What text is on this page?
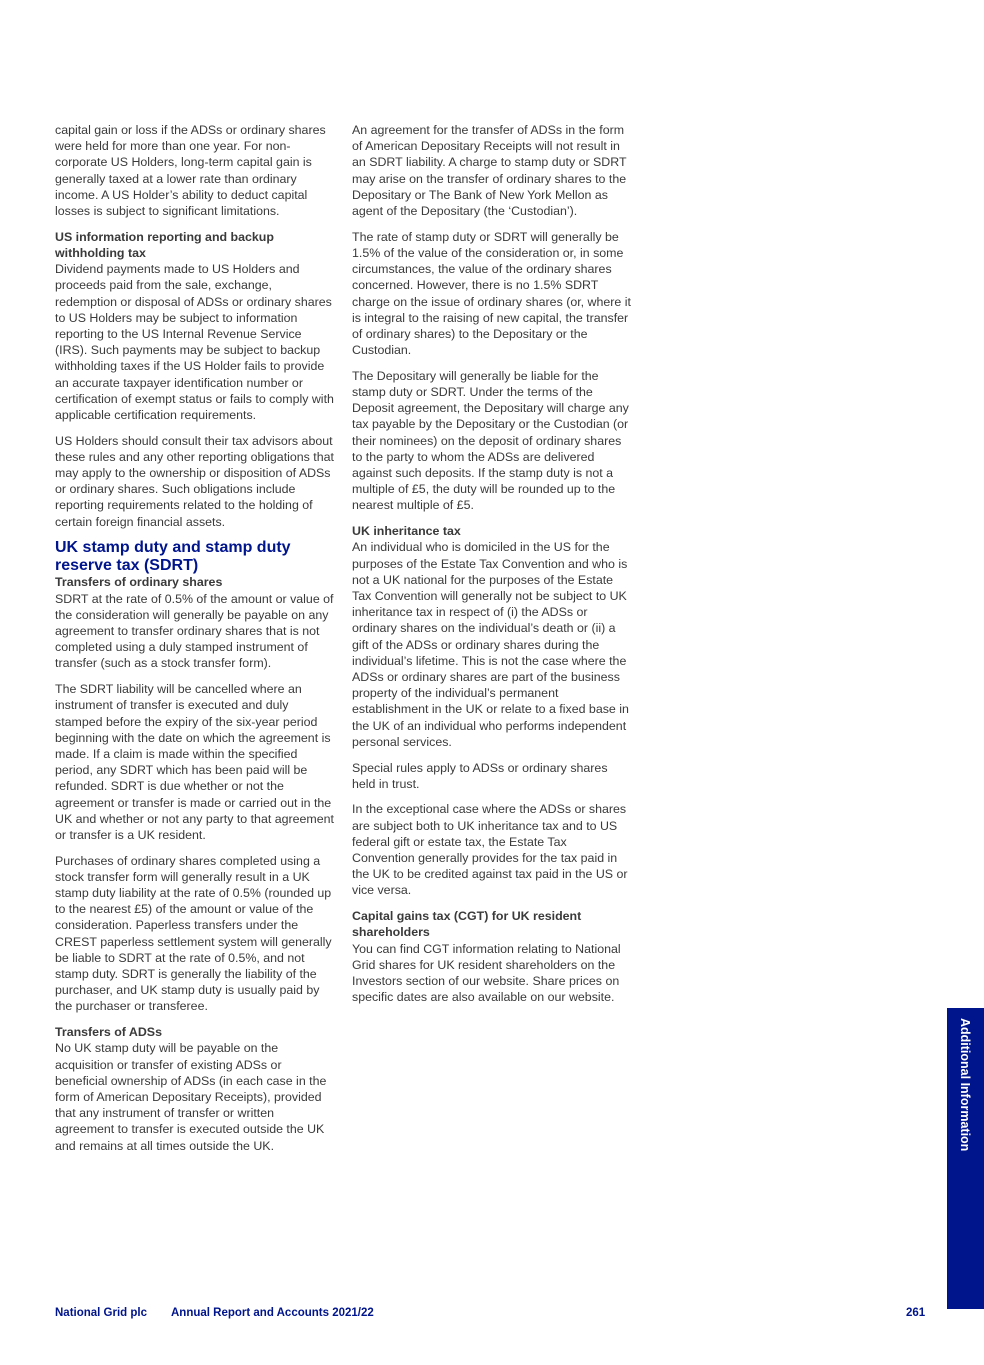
capital gain or loss if the ADSs or ordinary shares were held for more than one year. For non-corporate US Holders, long-term capital gain is generally taxed at a lower rate than ordinary income. A US Holder’s ability to deduct capital losses is subject to significant limitations.

US information reporting and backup withholding tax

Dividend payments made to US Holders and proceeds paid from the sale, exchange, redemption or disposal of ADSs or ordinary shares to US Holders may be subject to information reporting to the US Internal Revenue Service (IRS). Such payments may be subject to backup withholding taxes if the US Holder fails to provide an accurate taxpayer identification number or certification of exempt status or fails to comply with applicable certification requirements.

US Holders should consult their tax advisors about these rules and any other reporting obligations that may apply to the ownership or disposition of ADSs or ordinary shares. Such obligations include reporting requirements related to the holding of certain foreign financial assets.

UK stamp duty and stamp duty reserve tax (SDRT)
Transfers of ordinary shares

SDRT at the rate of 0.5% of the amount or value of the consideration will generally be payable on any agreement to transfer ordinary shares that is not completed using a duly stamped instrument of transfer (such as a stock transfer form).

The SDRT liability will be cancelled where an instrument of transfer is executed and duly stamped before the expiry of the six-year period beginning with the date on which the agreement is made. If a claim is made within the specified period, any SDRT which has been paid will be refunded. SDRT is due whether or not the agreement or transfer is made or carried out in the UK and whether or not any party to that agreement or transfer is a UK resident.

Purchases of ordinary shares completed using a stock transfer form will generally result in a UK stamp duty liability at the rate of 0.5% (rounded up to the nearest £5) of the amount or value of the consideration. Paperless transfers under the CREST paperless settlement system will generally be liable to SDRT at the rate of 0.5%, and not stamp duty. SDRT is generally the liability of the purchaser, and UK stamp duty is usually paid by the purchaser or transferee.

Transfers of ADSs

No UK stamp duty will be payable on the acquisition or transfer of existing ADSs or beneficial ownership of ADSs (in each case in the form of American Depositary Receipts), provided that any instrument of transfer or written agreement to transfer is executed outside the UK and remains at all times outside the UK.

An agreement for the transfer of ADSs in the form of American Depositary Receipts will not result in an SDRT liability. A charge to stamp duty or SDRT may arise on the transfer of ordinary shares to the Depositary or The Bank of New York Mellon as agent of the Depositary (the ‘Custodian’).

The rate of stamp duty or SDRT will generally be 1.5% of the value of the consideration or, in some circumstances, the value of the ordinary shares concerned. However, there is no 1.5% SDRT charge on the issue of ordinary shares (or, where it is integral to the raising of new capital, the transfer of ordinary shares) to the Depositary or the Custodian.

The Depositary will generally be liable for the stamp duty or SDRT. Under the terms of the Deposit agreement, the Depositary will charge any tax payable by the Depositary or the Custodian (or their nominees) on the deposit of ordinary shares to the party to whom the ADSs are delivered against such deposits. If the stamp duty is not a multiple of £5, the duty will be rounded up to the nearest multiple of £5.

UK inheritance tax

An individual who is domiciled in the US for the purposes of the Estate Tax Convention and who is not a UK national for the purposes of the Estate Tax Convention will generally not be subject to UK inheritance tax in respect of (i) the ADSs or ordinary shares on the individual’s death or (ii) a gift of the ADSs or ordinary shares during the individual’s lifetime. This is not the case where the ADSs or ordinary shares are part of the business property of the individual’s permanent establishment in the UK or relate to a fixed base in the UK of an individual who performs independent personal services.

Special rules apply to ADSs or ordinary shares held in trust.

In the exceptional case where the ADSs or shares are subject both to UK inheritance tax and to US federal gift or estate tax, the Estate Tax Convention generally provides for the tax paid in the UK to be credited against tax paid in the US or vice versa.

Capital gains tax (CGT) for UK resident shareholders

You can find CGT information relating to National Grid shares for UK resident shareholders on the Investors section of our website. Share prices on specific dates are also available on our website.

Additional Information
National Grid plc Annual Report and Accounts 2021/22	261
